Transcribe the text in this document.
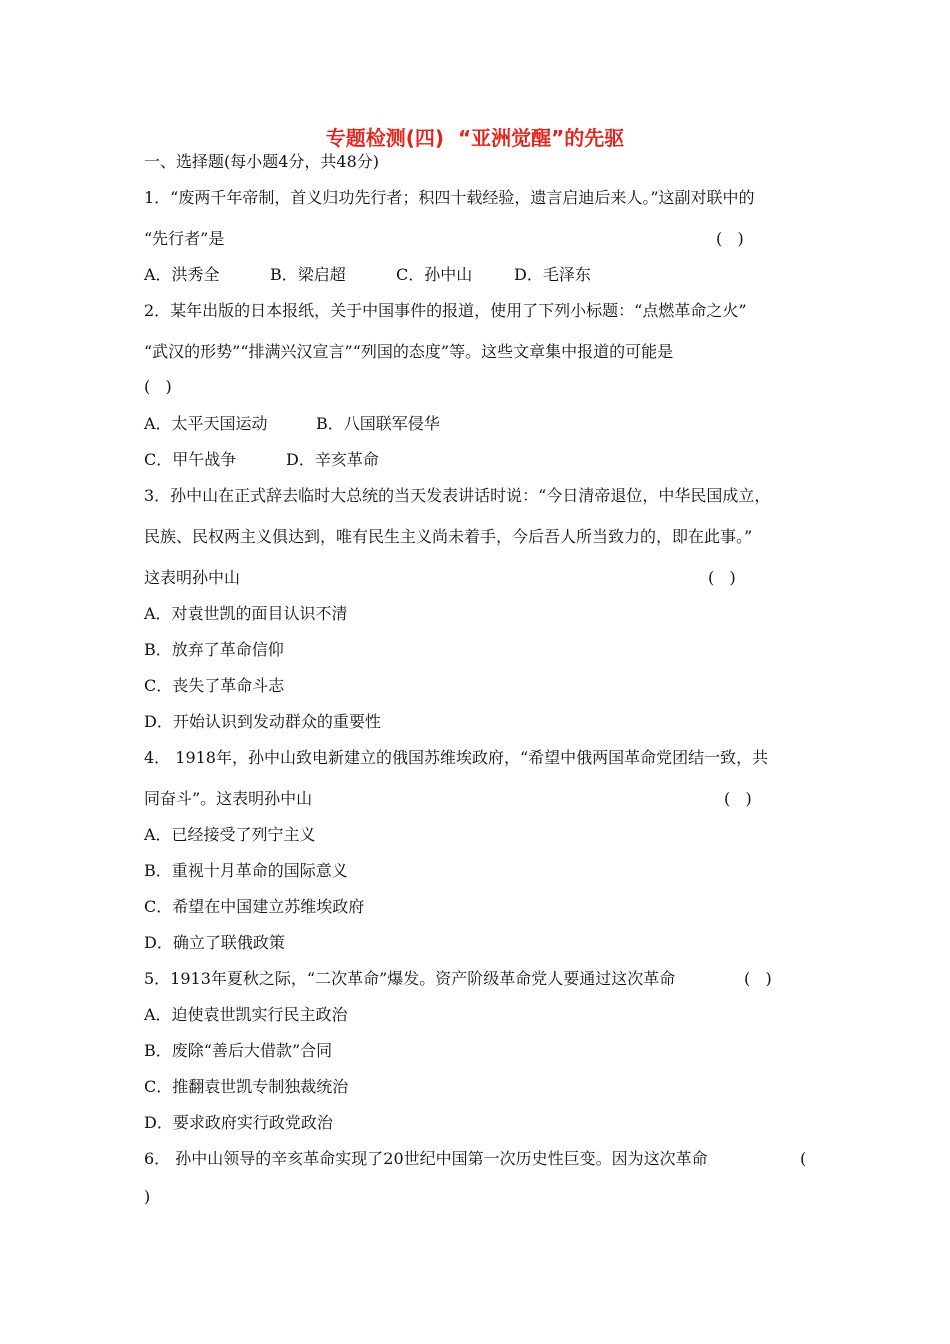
专题检测(四)  “亚洲觉醒”的先驱
一、选择题(每小题4分，共48分)
1．“废两千年帝制，首义归功先行者；积四十载经验，遗言启迪后来人。”这副对联中的
“先行者”是	(   )
A．洪秀全	B．梁启超	C．孙中山	D．毛泽东
2．某年出版的日本报纸，关于中国事件的报道，使用了下列小标题：“点燃革命之火”
“武汉的形势”“排满兴汉宣言”“列国的态度”等。这些文章集中报道的可能是
(   )
A．太平天国运动	B．八国联军侵华
C．甲午战争	D．辛亥革命
3．孙中山在正式辞去临时大总统的当天发表讲话时说：“今日清帝退位，中华民国成立，
民族、民权两主义俱达到，唯有民生主义尚未着手，今后吾人所当致力的，即在此事。”
这表明孙中山	(   )
A．对袁世凯的面目认识不清
B．放弃了革命信仰
C．丧失了革命斗志
D．开始认识到发动群众的重要性
4． 1918年，孙中山致电新建立的俄国苏维埃政府，“希望中俄两国革命党团结一致，共
同奋斗”。这表明孙中山	(   )
A．已经接受了列宁主义
B．重视十月革命的国际意义
C．希望在中国建立苏维埃政府
D．确立了联俄政策
5．1913年夏秋之际，“二次革命”爆发。资产阶级革命党人要通过这次革命	(   )
A．迫使袁世凯实行民主政治
B．废除“善后大借款”合同
C．推翻袁世凯专制独裁统治
D．要求政府实行政党政治
6． 孙中山领导的辛亥革命实现了20世纪中国第一次历史性巨变。因为这次革命	(
)
